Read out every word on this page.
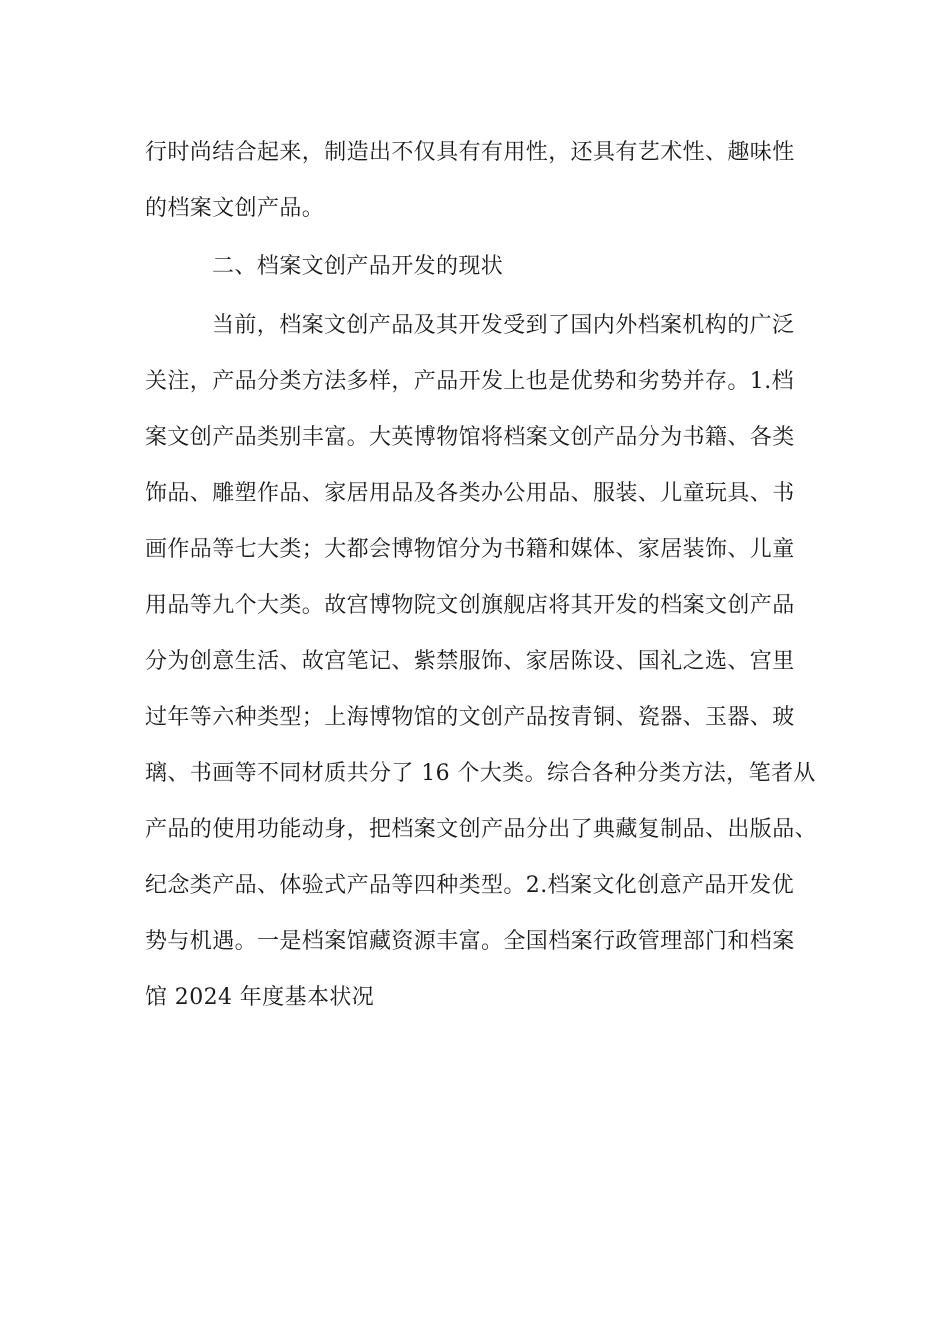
行时尚结合起来，制造出不仅具有有用性，还具有艺术性、趣味性
的档案文创产品。
二、档案文创产品开发的现状
当前，档案文创产品及其开发受到了国内外档案机构的广泛
关注，产品分类方法多样，产品开发上也是优势和劣势并存。1.档
案文创产品类别丰富。大英博物馆将档案文创产品分为书籍、各类
饰品、雕塑作品、家居用品及各类办公用品、服装、儿童玩具、书
画作品等七大类；大都会博物馆分为书籍和媒体、家居装饰、儿童
用品等九个大类。故宫博物院文创旗舰店将其开发的档案文创产品
分为创意生活、故宫笔记、紫禁服饰、家居陈设、国礼之选、宫里
过年等六种类型；上海博物馆的文创产品按青铜、瓷器、玉器、玻
璃、书画等不同材质共分了 16 个大类。综合各种分类方法，笔者从
产品的使用功能动身，把档案文创产品分出了典藏复制品、出版品、
纪念类产品、体验式产品等四种类型。2.档案文化创意产品开发优
势与机遇。一是档案馆藏资源丰富。全国档案行政管理部门和档案
馆 2024 年度基本状况
